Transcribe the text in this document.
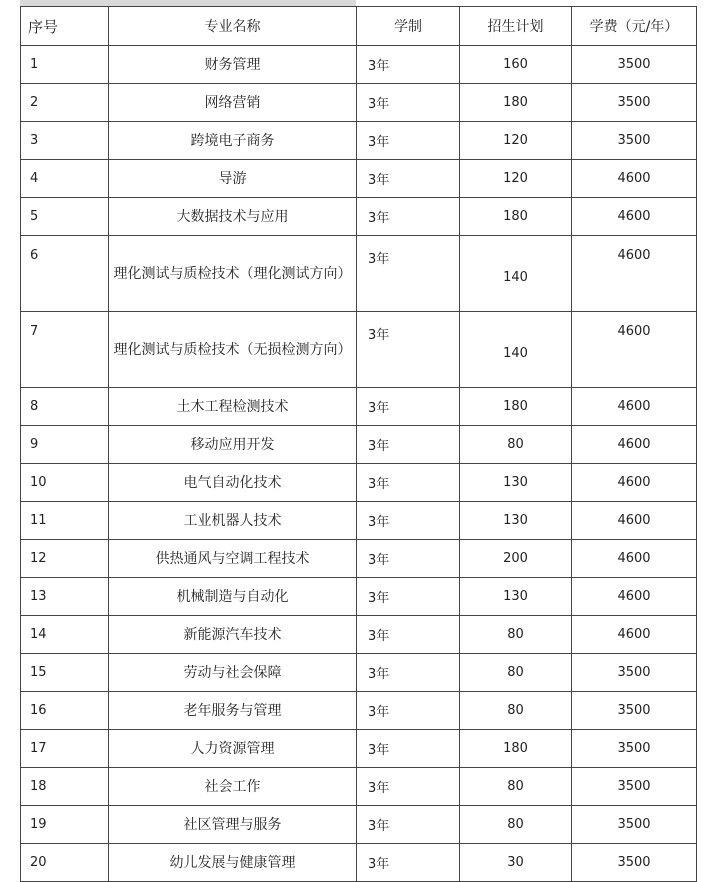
序号	专业名称	学制	招生计划	学费（元/年）
1	财务管理	3年	160	3500
2	网络营销	3年	180	3500
3	跨境电子商务	3年	120	3500
4	导游	3年	120	4600
5	大数据技术与应用	3年	180	4600
6	理化测试与质检技术（理化测试方向）	3年	140	4600
7	理化测试与质检技术（无损检测方向）	3年	140	4600
8	土木工程检测技术	3年	180	4600
9	移动应用开发	3年	80	4600
10	电气自动化技术	3年	130	4600
11	工业机器人技术	3年	130	4600
12	供热通风与空调工程技术	3年	200	4600
13	机械制造与自动化	3年	130	4600
14	新能源汽车技术	3年	80	4600
15	劳动与社会保障	3年	80	3500
16	老年服务与管理	3年	80	3500
17	人力资源管理	3年	180	3500
18	社会工作	3年	80	3500
19	社区管理与服务	3年	80	3500
20	幼儿发展与健康管理	3年	30	3500
